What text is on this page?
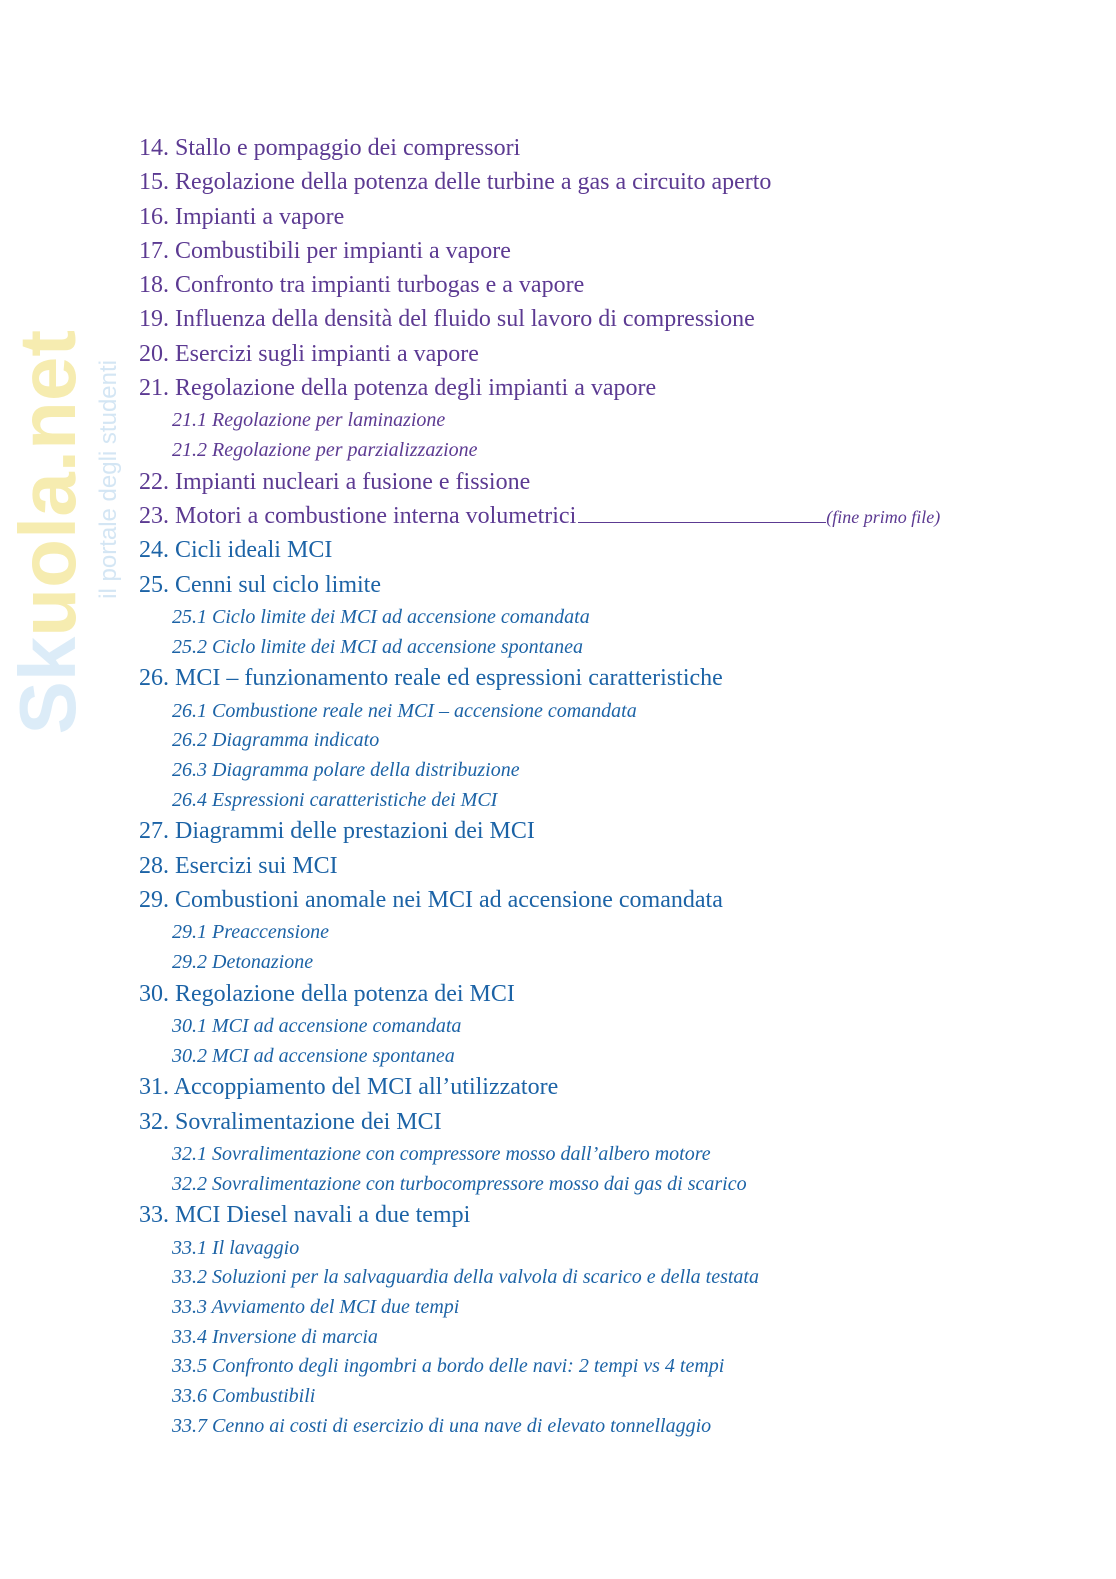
Skuola.net il portale degli studenti
14. Stallo e pompaggio dei compressori
15. Regolazione della potenza delle turbine a gas a circuito aperto
16. Impianti a vapore
17. Combustibili per impianti a vapore
18. Confronto tra impianti turbogas e a vapore
19. Influenza della densità del fluido sul lavoro di compressione
20. Esercizi sugli impianti a vapore
21. Regolazione della potenza degli impianti a vapore
21.1 Regolazione per laminazione
21.2 Regolazione per parzializzazione
22. Impianti nucleari a fusione e fissione
23. Motori a combustione interna volumetrici	(fine primo file)
24. Cicli ideali MCI
25. Cenni sul ciclo limite
25.1 Ciclo limite dei MCI ad accensione comandata
25.2 Ciclo limite dei MCI ad accensione spontanea
26. MCI – funzionamento reale ed espressioni caratteristiche
26.1 Combustione reale nei MCI – accensione comandata
26.2 Diagramma indicato
26.3 Diagramma polare della distribuzione
26.4 Espressioni caratteristiche dei MCI
27. Diagrammi delle prestazioni dei MCI
28. Esercizi sui MCI
29. Combustioni anomale nei MCI ad accensione comandata
29.1 Preaccensione
29.2 Detonazione
30. Regolazione della potenza dei MCI
30.1 MCI ad accensione comandata
30.2 MCI ad accensione spontanea
31. Accoppiamento del MCI all’utilizzatore
32. Sovralimentazione dei MCI
32.1 Sovralimentazione con compressore mosso dall’albero motore
32.2 Sovralimentazione con turbocompressore mosso dai gas di scarico
33. MCI Diesel navali a due tempi
33.1 Il lavaggio
33.2 Soluzioni per la salvaguardia della valvola di scarico e della testata
33.3 Avviamento del MCI due tempi
33.4 Inversione di marcia
33.5 Confronto degli ingombri a bordo delle navi: 2 tempi vs 4 tempi
33.6 Combustibili
33.7 Cenno ai costi di esercizio di una nave di elevato tonnellaggio
